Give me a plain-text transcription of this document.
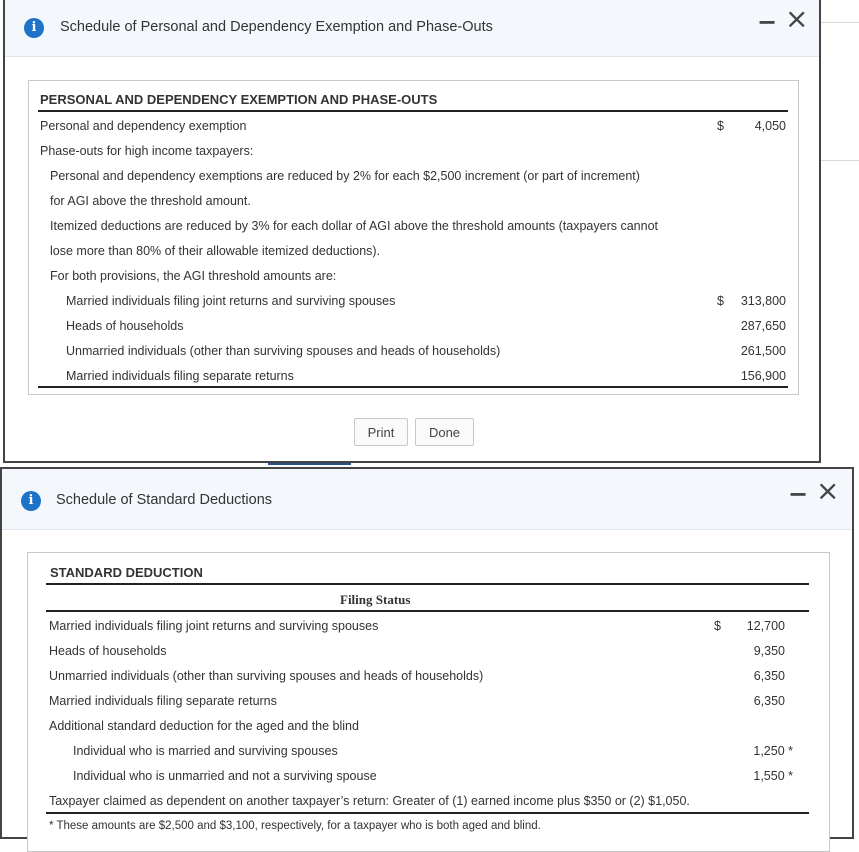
i	Schedule of Personal and Dependency Exemption and Phase-Outs	− ×
PERSONAL AND DEPENDENCY EXEMPTION AND PHASE-OUTS
Personal and dependency exemption	$ 4,050
Phase-outs for high income taxpayers:
Personal and dependency exemptions are reduced by 2% for each $2,500 increment (or part of increment)
for AGI above the threshold amount.
Itemized deductions are reduced by 3% for each dollar of AGI above the threshold amounts (taxpayers cannot
lose more than 80% of their allowable itemized deductions).
For both provisions, the AGI threshold amounts are:
Married individuals filing joint returns and surviving spouses	$ 313,800
Heads of households	287,650
Unmarried individuals (other than surviving spouses and heads of households)	261,500
Married individuals filing separate returns	156,900
Print	Done
i	Schedule of Standard Deductions	− ×
STANDARD DEDUCTION
Filing Status
Married individuals filing joint returns and surviving spouses	$ 12,700
Heads of households	9,350
Unmarried individuals (other than surviving spouses and heads of households)	6,350
Married individuals filing separate returns	6,350
Additional standard deduction for the aged and the blind
Individual who is married and surviving spouses	1,250 *
Individual who is unmarried and not a surviving spouse	1,550 *
Taxpayer claimed as dependent on another taxpayer’s return: Greater of (1) earned income plus $350 or (2) $1,050.
* These amounts are $2,500 and $3,100, respectively, for a taxpayer who is both aged and blind.
